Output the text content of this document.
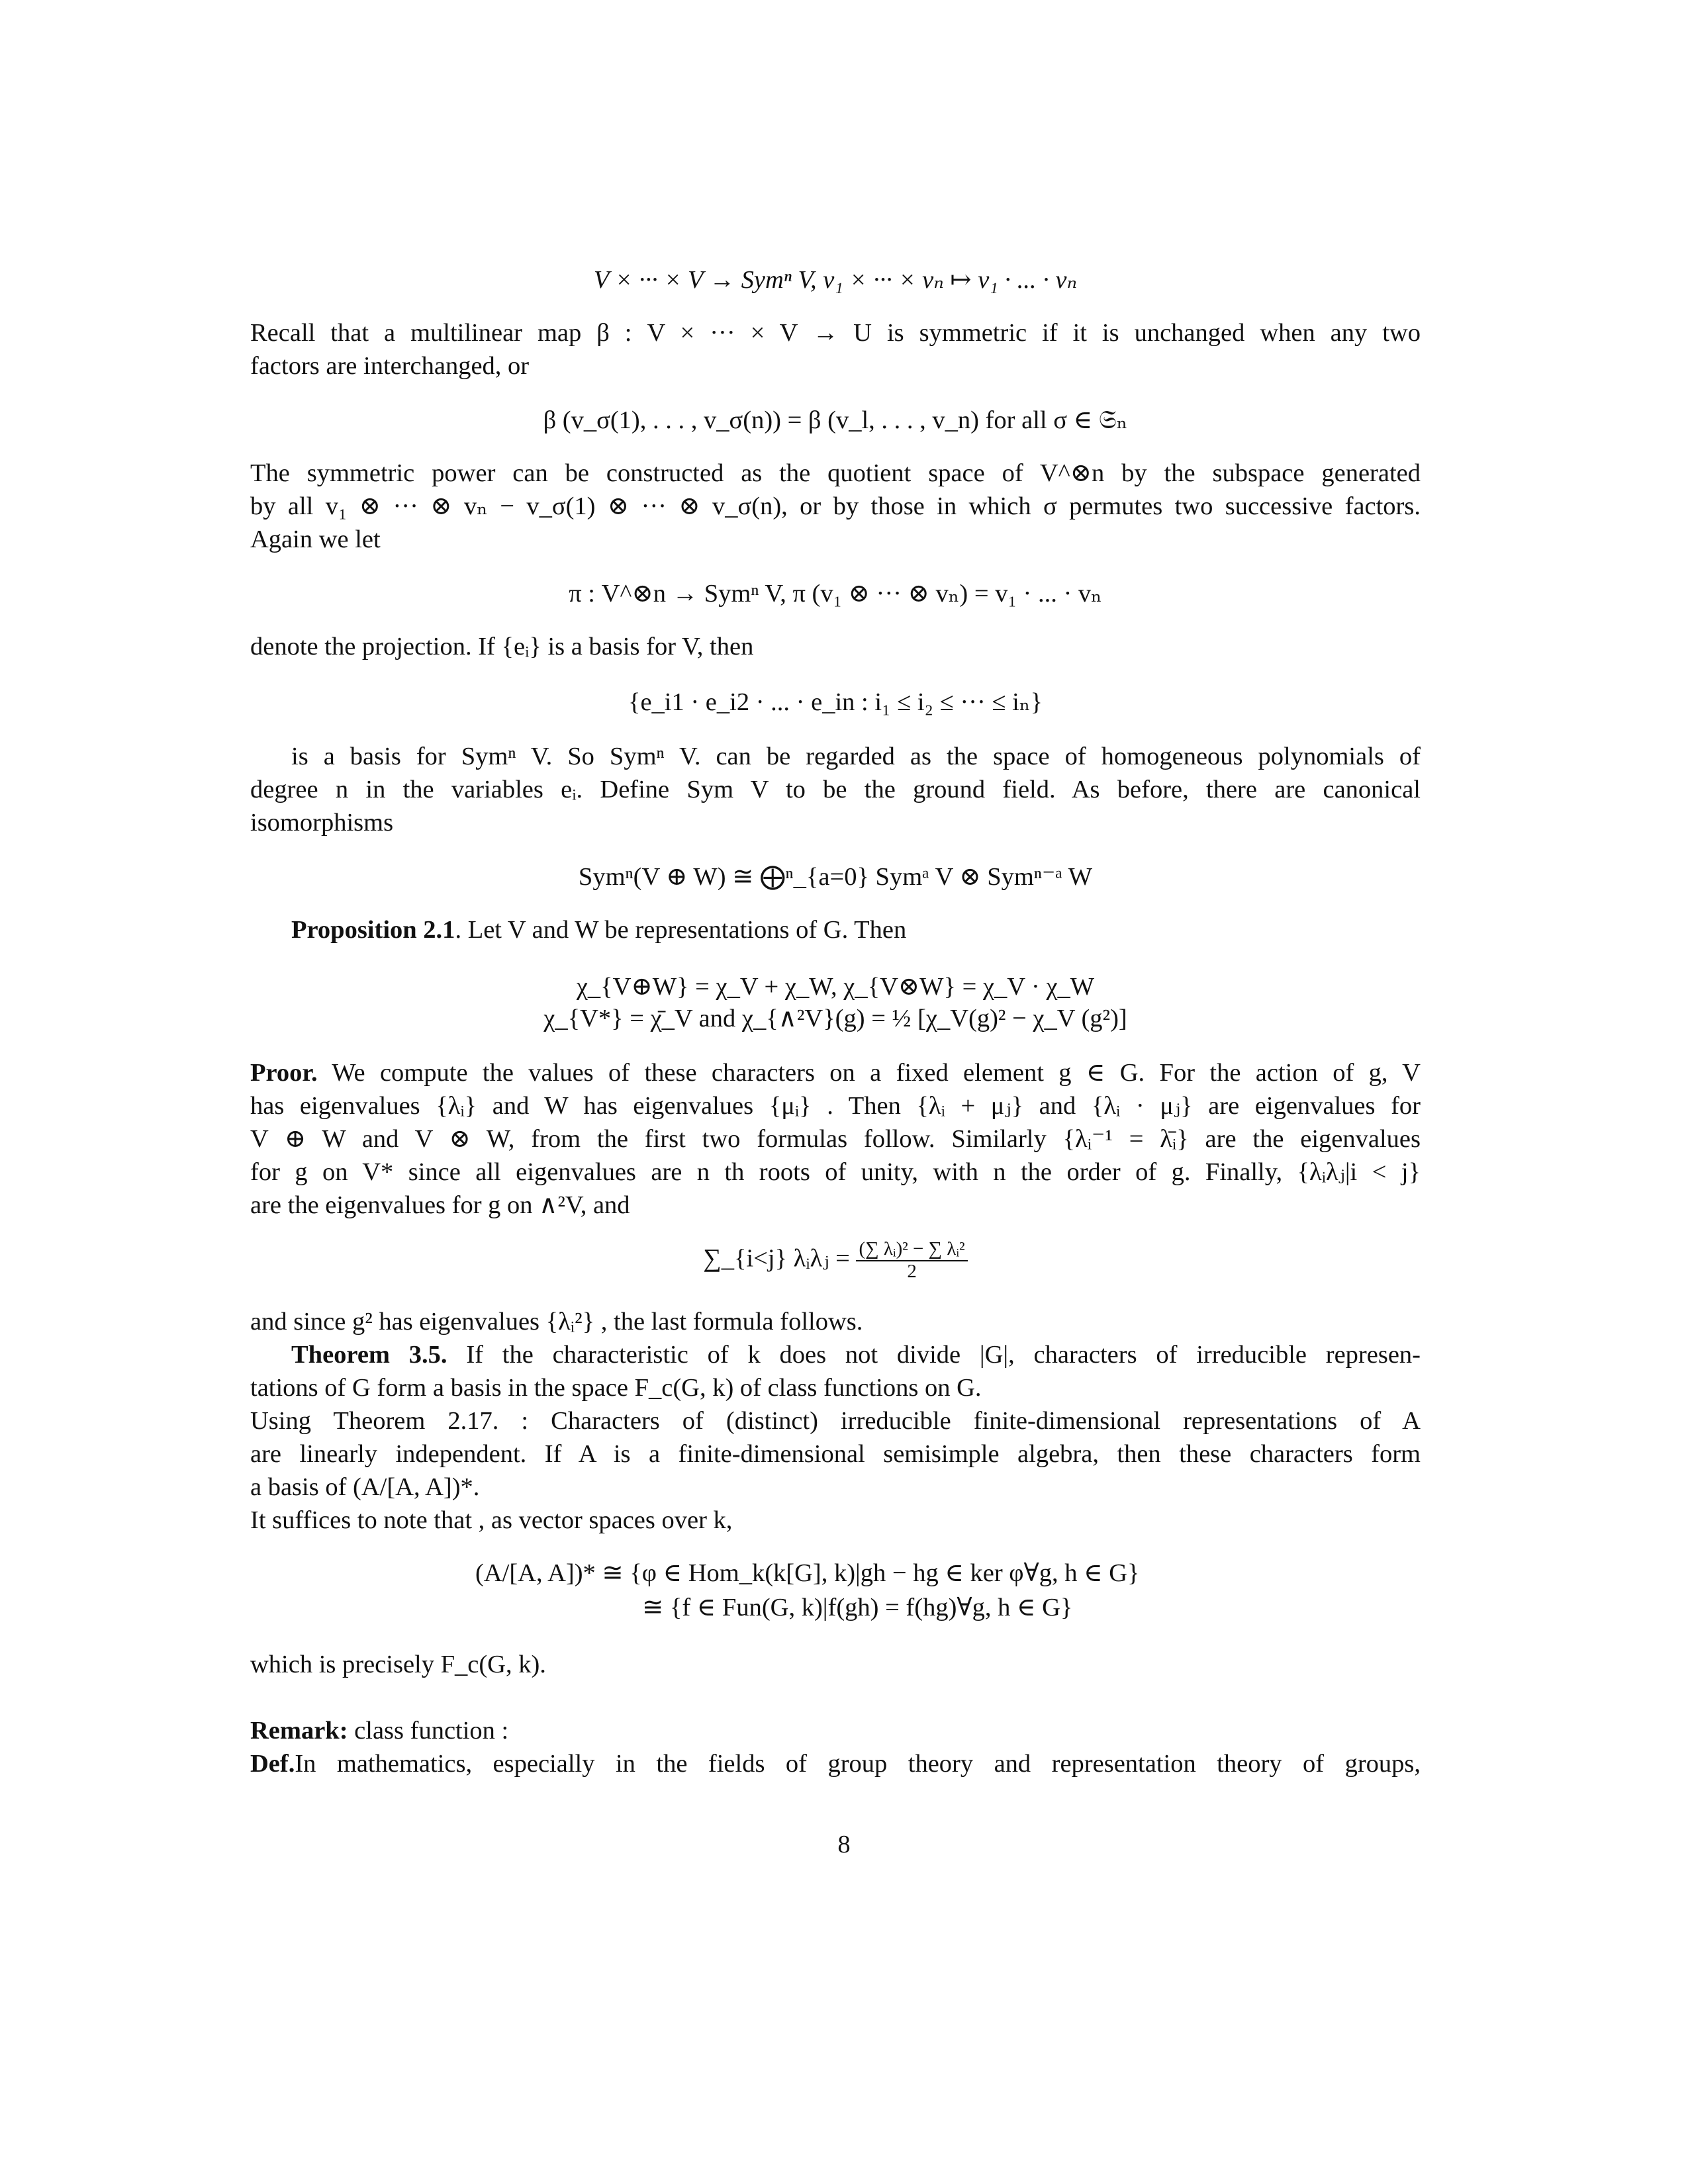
V × ··· × V → Symⁿ V, v₁ × ··· × vₙ ↦ v₁ · ... · vₙ
Recall that a multilinear map β : V × ··· × V → U is symmetric if it is unchanged when any two
factors are interchanged, or
β (v_σ(1), . . . , v_σ(n)) = β (v_l, . . . , v_n) for all σ ∈ 𝔖ₙ
The symmetric power can be constructed as the quotient space of V^⊗n by the subspace generated
by all v₁ ⊗ ··· ⊗ vₙ − v_σ(1) ⊗ ··· ⊗ v_σ(n), or by those in which σ permutes two successive factors.
Again we let
π : V^⊗n → Symⁿ V, π (v₁ ⊗ ··· ⊗ vₙ) = v₁ · ... · vₙ
denote the projection. If {eᵢ} is a basis for V, then
{e_i1 · e_i2 · ... · e_in : i₁ ≤ i₂ ≤ ··· ≤ iₙ}
is a basis for Symⁿ V. So Symⁿ V. can be regarded as the space of homogeneous polynomials of
degree n in the variables eᵢ. Define Sym V to be the ground field. As before, there are canonical
isomorphisms
Symⁿ(V ⊕ W) ≅ ⨁ⁿ_{a=0} Symᵃ V ⊗ Symⁿ⁻ᵃ W
Proposition 2.1. Let V and W be representations of G. Then
χ_{V⊕W} = χ_V + χ_W, χ_{V⊗W} = χ_V · χ_W
χ_{V*} = χ̄_V and χ_{∧²V}(g) = ½ [χ_V(g)² − χ_V (g²)]
Proor. We compute the values of these characters on a fixed element g ∈ G. For the action of g, V
has eigenvalues {λᵢ} and W has eigenvalues {μᵢ} . Then {λᵢ + μⱼ} and {λᵢ · μⱼ} are eigenvalues for
V ⊕ W and V ⊗ W, from the first two formulas follow. Similarly {λᵢ⁻¹ = λ̄ᵢ} are the eigenvalues
for g on V* since all eigenvalues are n th roots of unity, with n the order of g. Finally, {λᵢλⱼ|i < j}
are the eigenvalues for g on ∧²V, and
∑_{i<j} λᵢλⱼ = $\frac{\text{(∑ λᵢ)² − ∑ λᵢ²}}{2}$
and since g² has eigenvalues {λᵢ²} , the last formula follows.
Theorem 3.5. If the characteristic of k does not divide |G|, characters of irreducible represen-
tations of G form a basis in the space F_c(G, k) of class functions on G.
Using Theorem 2.17. : Characters of (distinct) irreducible finite-dimensional representations of A
are linearly independent. If A is a finite-dimensional semisimple algebra, then these characters form
a basis of (A/[A, A])*.
It suffices to note that , as vector spaces over k,
(A/[A, A])* ≅ {φ ∈ Hom_k(k[G], k)|gh − hg ∈ ker φ∀g, h ∈ G}
≅ {f ∈ Fun(G, k)|f(gh) = f(hg)∀g, h ∈ G}
which is precisely F_c(G, k).
Remark: class function :
Def.In mathematics, especially in the fields of group theory and representation theory of groups,
8
